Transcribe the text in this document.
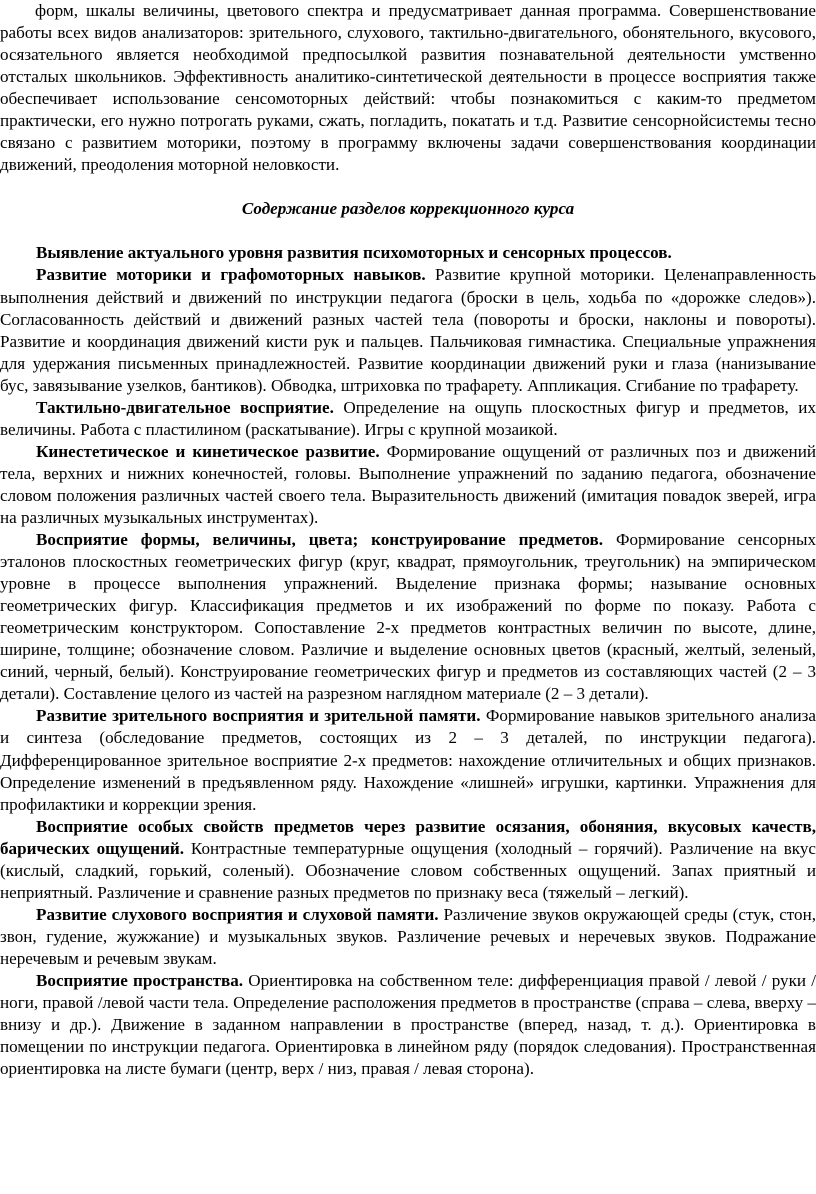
форм, шкалы величины, цветового спектра и предусматривает данная программа. Совершенствование работы всех видов анализаторов: зрительного, слухового, тактильно-двигательного, обонятельного, вкусового, осязательного является необходимой предпосылкой развития познавательной деятельности умственно отсталых школьников. Эффективность аналитико-синтетической деятельности в процессе восприятия также обеспечивает использование сенсомоторных действий: чтобы познакомиться с каким-то предметом практически, его нужно потрогать руками, сжать, погладить, покатать и т.д. Развитие сенсорнойсистемы тесно связано с развитием моторики, поэтому в программу включены задачи совершенствования координации движений, преодоления моторной неловкости.

Содержание разделов коррекционного курса

Выявление актуального уровня развития психомоторных и сенсорных процессов.

Развитие моторики и графомоторных навыков. Развитие крупной моторики. Целенаправленность выполнения действий и движений по инструкции педагога (броски в цель, ходьба по «дорожке следов»). Согласованность действий и движений разных частей тела (повороты и броски, наклоны и повороты). Развитие и координация движений кисти рук и пальцев. Пальчиковая гимнастика. Специальные упражнения для удержания письменных принадлежностей. Развитие координации движений руки и глаза (нанизывание бус, завязывание узелков, бантиков). Обводка, штриховка по трафарету. Аппликация. Сгибание по трафарету.

Тактильно-двигательное восприятие. Определение на ощупь плоскостных фигур и предметов, их величины. Работа с пластилином (раскатывание). Игры с крупной мозаикой.

Кинестетическое и кинетическое развитие. Формирование ощущений от различных поз и движений тела, верхних и нижних конечностей, головы. Выполнение упражнений по заданию педагога, обозначение словом положения различных частей своего тела. Выразительность движений (имитация повадок зверей, игра на различных музыкальных инструментах).

Восприятие формы, величины, цвета; конструирование предметов. Формирование сенсорных эталонов плоскостных геометрических фигур (круг, квадрат, прямоугольник, треугольник) на эмпирическом уровне в процессе выполнения упражнений. Выделение признака формы; называние основных геометрических фигур. Классификация предметов и их изображений по форме по показу. Работа с геометрическим конструктором. Сопоставление 2-х предметов контрастных величин по высоте, длине, ширине, толщине; обозначение словом. Различие и выделение основных цветов (красный, желтый, зеленый, синий, черный, белый). Конструирование геометрических фигур и предметов из составляющих частей (2 – 3 детали). Составление целого из частей на разрезном наглядном материале (2 – 3 детали).

Развитие зрительного восприятия и зрительной памяти. Формирование навыков зрительного анализа и синтеза (обследование предметов, состоящих из 2 – 3 деталей, по инструкции педагога). Дифференцированное зрительное восприятие 2-х предметов: нахождение отличительных и общих признаков. Определение изменений в предъявленном ряду. Нахождение «лишней» игрушки, картинки. Упражнения для профилактики и коррекции зрения.

Восприятие особых свойств предметов через развитие осязания, обоняния, вкусовых качеств, барических ощущений. Контрастные температурные ощущения (холодный – горячий). Различение на вкус (кислый, сладкий, горький, соленый). Обозначение словом собственных ощущений. Запах приятный и неприятный. Различение и сравнение разных предметов по признаку веса (тяжелый – легкий).

Развитие слухового восприятия и слуховой памяти. Различение звуков окружающей среды (стук, стон, звон, гудение, жужжание) и музыкальных звуков. Различение речевых и неречевых звуков. Подражание неречевым и речевым звукам.

Восприятие пространства. Ориентировка на собственном теле: дифференциация правой / левой / руки / ноги, правой /левой части тела. Определение расположения предметов в пространстве (справа – слева, вверху – внизу и др.). Движение в заданном направлении в пространстве (вперед, назад, т. д.). Ориентировка в помещении по инструкции педагога. Ориентировка в линейном ряду (порядок следования). Пространственная ориентировка на листе бумаги (центр, верх / низ, правая / левая сторона).
